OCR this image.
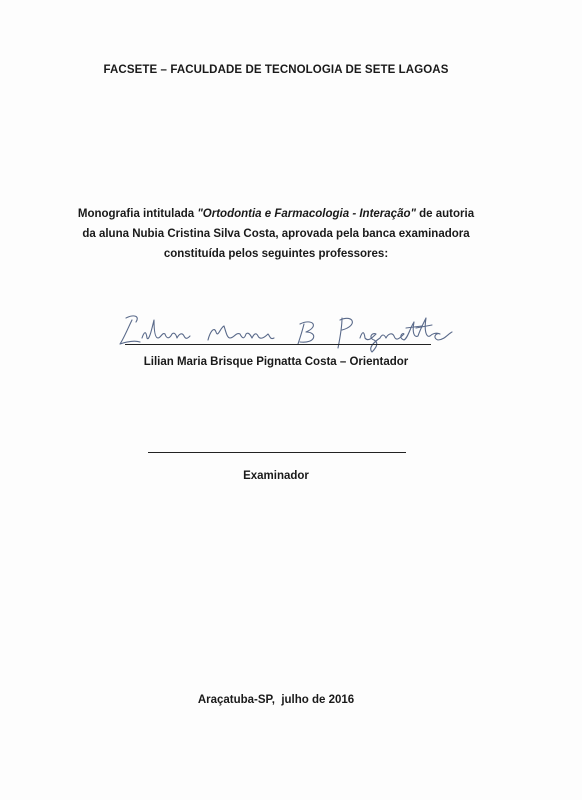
FACSETE – FACULDADE DE TECNOLOGIA DE SETE LAGOAS
Monografia intitulada "Ortodontia e Farmacologia - Interação" de autoria
da aluna Nubia Cristina Silva Costa, aprovada pela banca examinadora
constituída pelos seguintes professores:
Lilian Maria Brisque Pignatta Costa – Orientador
Examinador
Araçatuba-SP,  julho de 2016
